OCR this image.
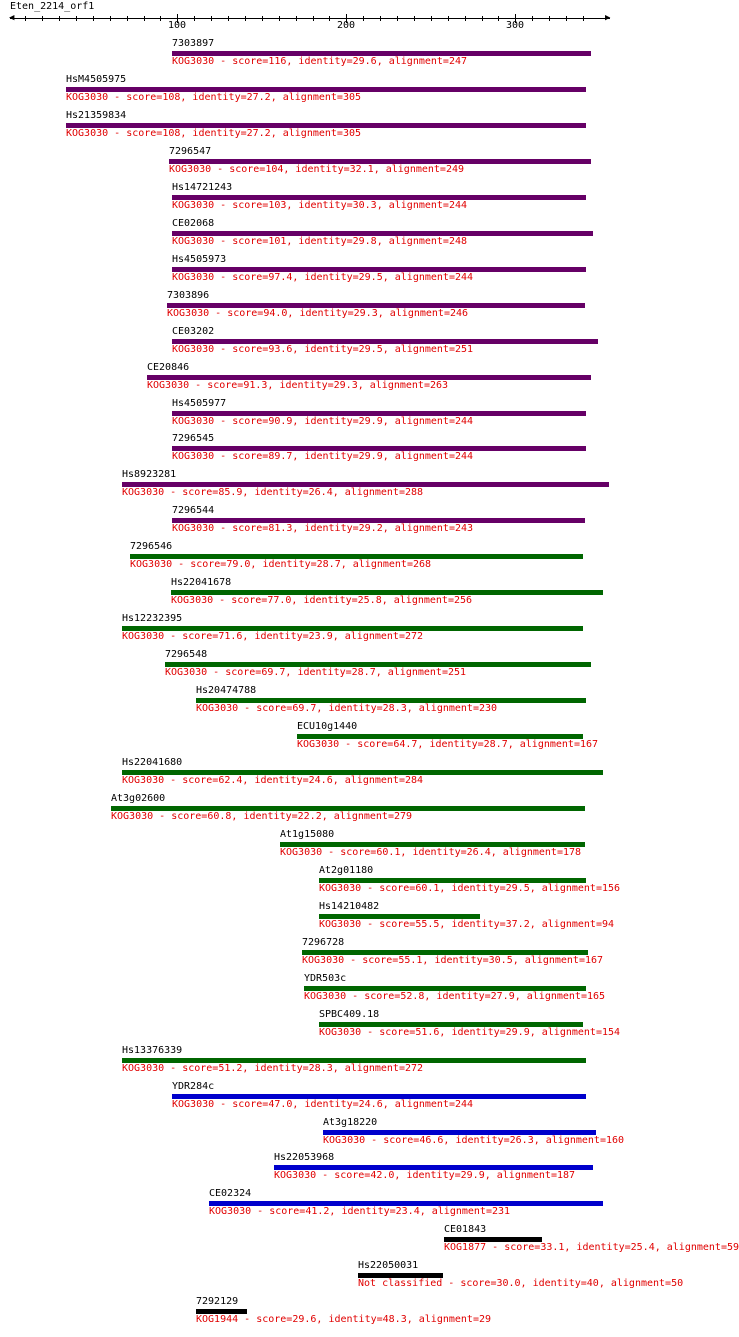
Eten_2214_orf1
◀	▶
100	200	300
7303897
KOG3030 - score=116, identity=29.6, alignment=247
HsM4505975
KOG3030 - score=108, identity=27.2, alignment=305
Hs21359834
KOG3030 - score=108, identity=27.2, alignment=305
7296547
KOG3030 - score=104, identity=32.1, alignment=249
Hs14721243
KOG3030 - score=103, identity=30.3, alignment=244
CE02068
KOG3030 - score=101, identity=29.8, alignment=248
Hs4505973
KOG3030 - score=97.4, identity=29.5, alignment=244
7303896
KOG3030 - score=94.0, identity=29.3, alignment=246
CE03202
KOG3030 - score=93.6, identity=29.5, alignment=251
CE20846
KOG3030 - score=91.3, identity=29.3, alignment=263
Hs4505977
KOG3030 - score=90.9, identity=29.9, alignment=244
7296545
KOG3030 - score=89.7, identity=29.9, alignment=244
Hs8923281
KOG3030 - score=85.9, identity=26.4, alignment=288
7296544
KOG3030 - score=81.3, identity=29.2, alignment=243
7296546
KOG3030 - score=79.0, identity=28.7, alignment=268
Hs22041678
KOG3030 - score=77.0, identity=25.8, alignment=256
Hs12232395
KOG3030 - score=71.6, identity=23.9, alignment=272
7296548
KOG3030 - score=69.7, identity=28.7, alignment=251
Hs20474788
KOG3030 - score=69.7, identity=28.3, alignment=230
ECU10g1440
KOG3030 - score=64.7, identity=28.7, alignment=167
Hs22041680
KOG3030 - score=62.4, identity=24.6, alignment=284
At3g02600
KOG3030 - score=60.8, identity=22.2, alignment=279
At1g15080
KOG3030 - score=60.1, identity=26.4, alignment=178
At2g01180
KOG3030 - score=60.1, identity=29.5, alignment=156
Hs14210482
KOG3030 - score=55.5, identity=37.2, alignment=94
7296728
KOG3030 - score=55.1, identity=30.5, alignment=167
YDR503c
KOG3030 - score=52.8, identity=27.9, alignment=165
SPBC409.18
KOG3030 - score=51.6, identity=29.9, alignment=154
Hs13376339
KOG3030 - score=51.2, identity=28.3, alignment=272
YDR284c
KOG3030 - score=47.0, identity=24.6, alignment=244
At3g18220
KOG3030 - score=46.6, identity=26.3, alignment=160
Hs22053968
KOG3030 - score=42.0, identity=29.9, alignment=187
CE02324
KOG3030 - score=41.2, identity=23.4, alignment=231
CE01843
KOG1877 - score=33.1, identity=25.4, alignment=59
Hs22050031
Not classified - score=30.0, identity=40, alignment=50
7292129
KOG1944 - score=29.6, identity=48.3, alignment=29
